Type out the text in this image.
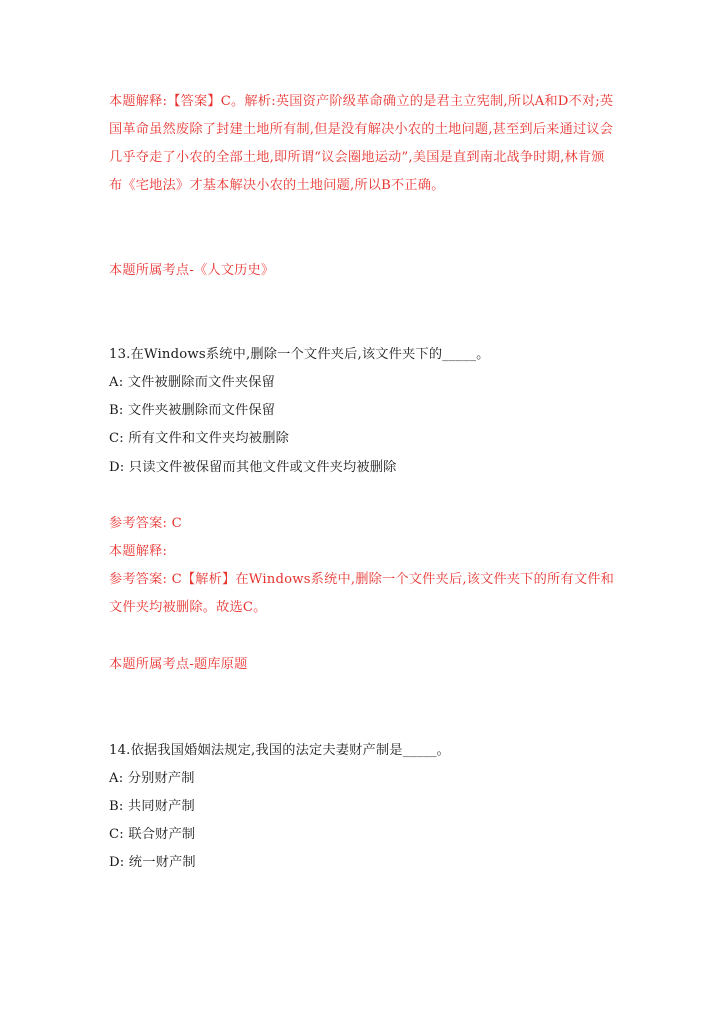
本题解释:【答案】C。解析:英国资产阶级革命确立的是君主立宪制,所以A和D不对;英国革命虽然废除了封建土地所有制,但是没有解决小农的土地问题,甚至到后来通过议会几乎夺走了小农的全部土地,即所谓“议会圈地运动”,美国是直到南北战争时期,林肯颁布《宅地法》才基本解决小农的土地问题,所以B不正确。
本题所属考点-《人文历史》
13.在Windows系统中,删除一个文件夹后,该文件夹下的_____。
A: 文件被删除而文件夹保留
B: 文件夹被删除而文件保留
C: 所有文件和文件夹均被删除
D: 只读文件被保留而其他文件或文件夹均被删除
参考答案: C
本题解释:
参考答案: C【解析】在Windows系统中,删除一个文件夹后,该文件夹下的所有文件和文件夹均被删除。故选C。
本题所属考点-题库原题
14.依据我国婚姻法规定,我国的法定夫妻财产制是_____。
A: 分别财产制
B: 共同财产制
C: 联合财产制
D: 统一财产制
